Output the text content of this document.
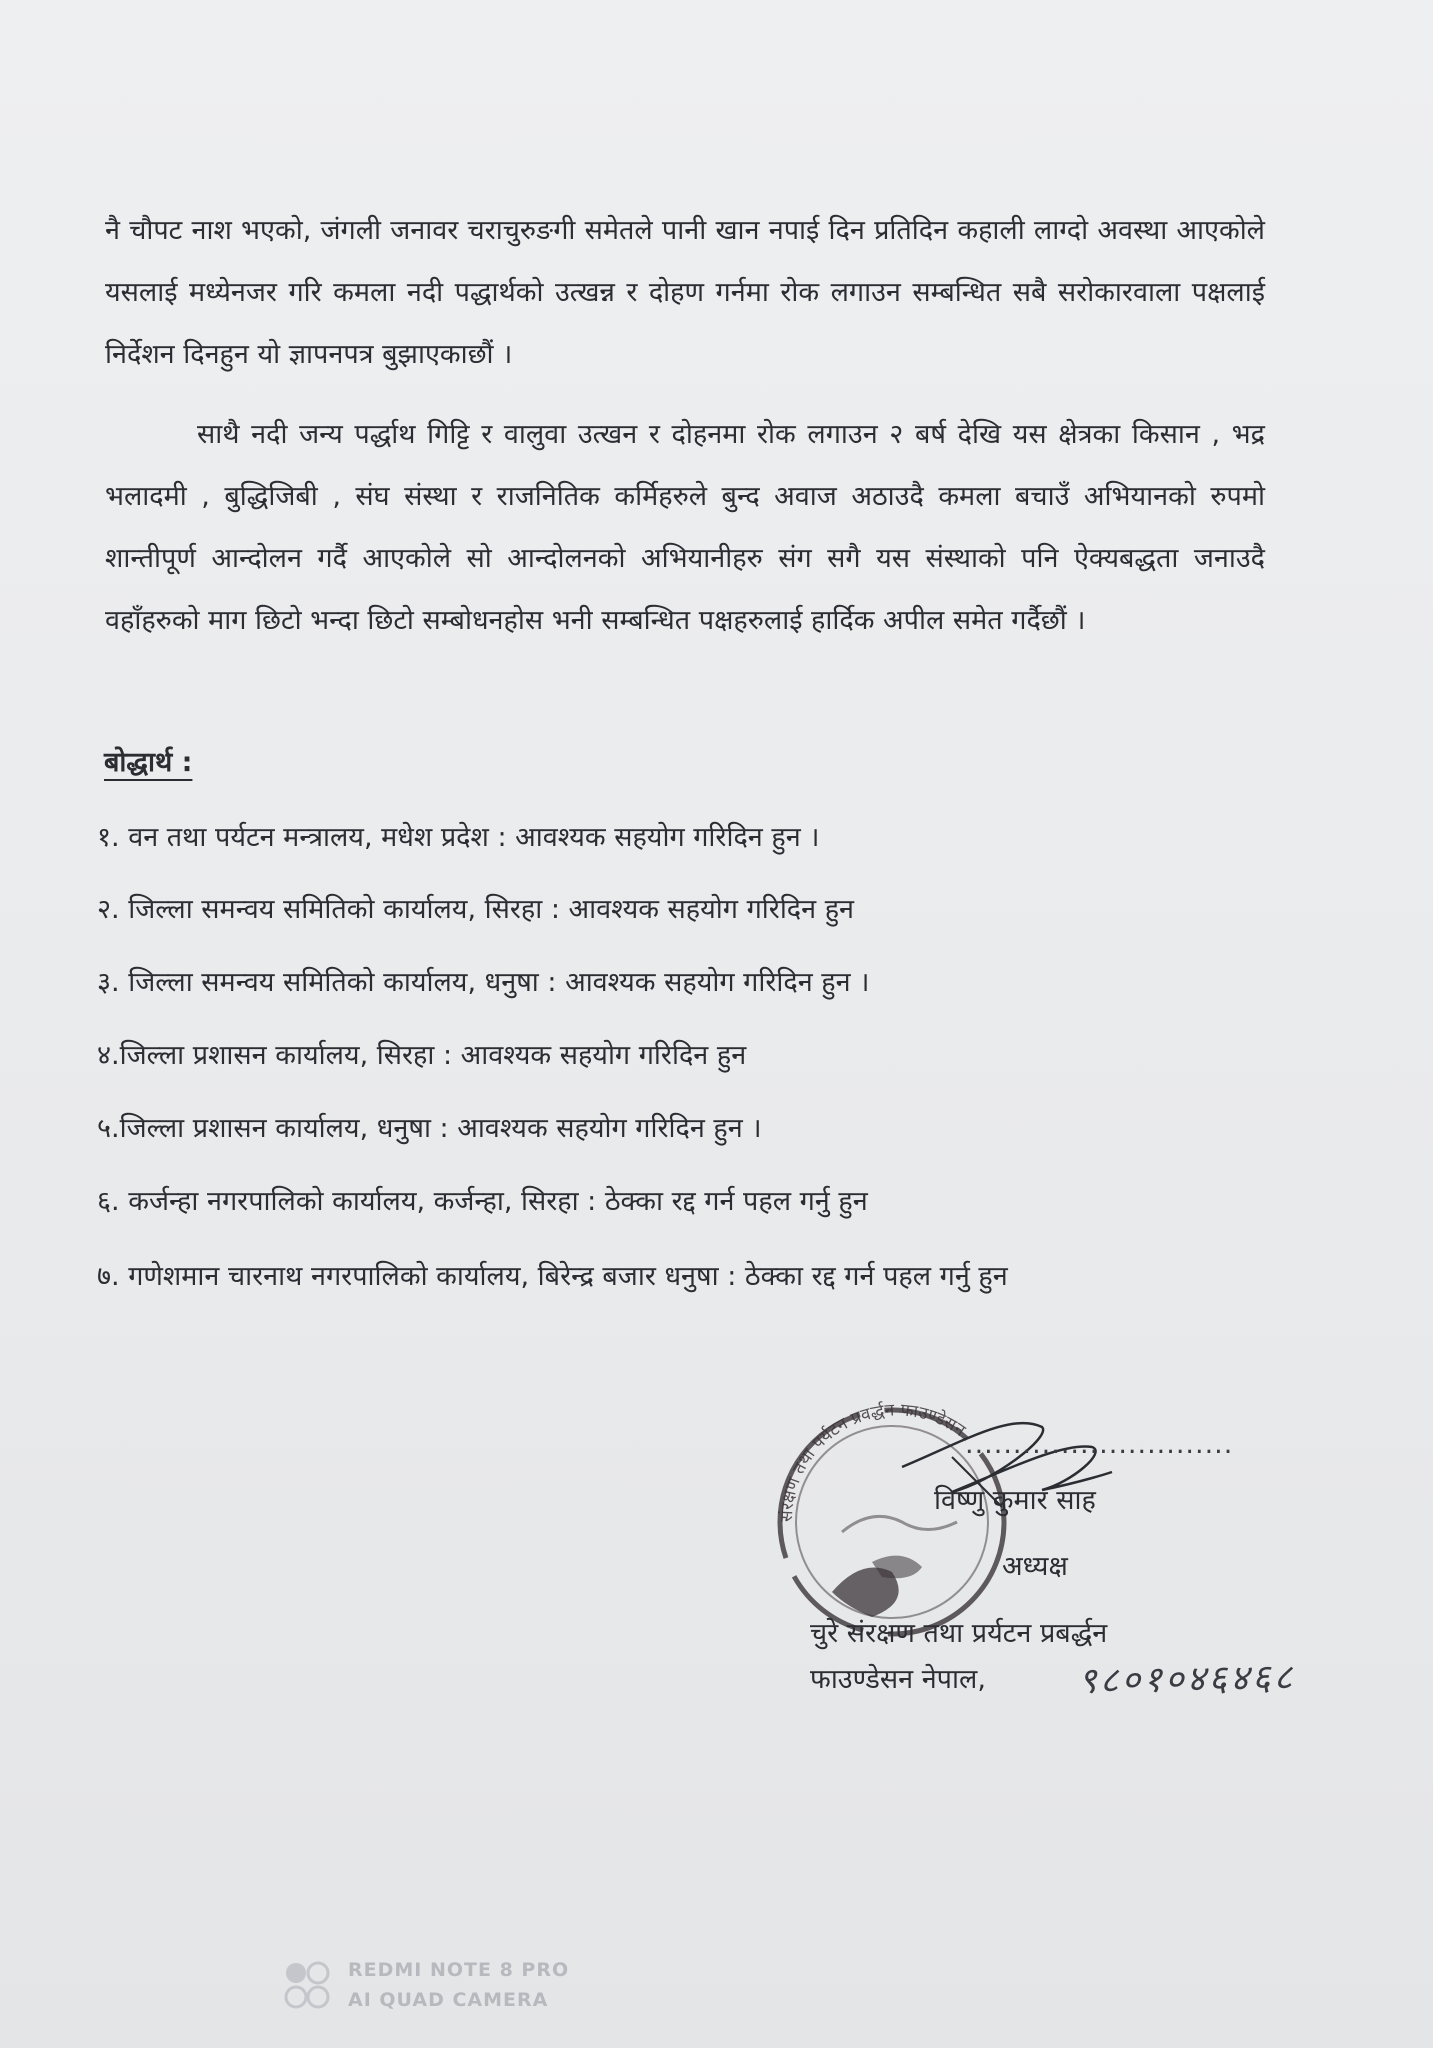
नै चौपट नाश भएको, जंगली जनावर चराचुरुङगी समेतले पानी खान नपाई दिन प्रतिदिन कहाली लाग्दो अवस्था आएकोले यसलाई मध्येनजर गरि कमला नदी पद्धार्थको उत्खन्न र दोहण गर्नमा रोक लगाउन सम्बन्धित सबै सरोकारवाला पक्षलाई निर्देशन दिनहुन यो ज्ञापनपत्र बुझाएकाछौं ।

साथै नदी जन्य पर्द्धाथ गिट्टि र वालुवा उत्खन र दोहनमा रोक लगाउन २ बर्ष देखि यस क्षेत्रका किसान , भद्र भलादमी , बुद्धिजिबी , संघ संस्था र राजनितिक कर्मिहरुले बुन्द अवाज अठाउदै कमला बचाउँ अभियानको रुपमो शान्तीपूर्ण आन्दोलन गर्दै आएकोले सो आन्दोलनको अभियानीहरु संग सगै यस संस्थाको पनि ऐक्यबद्धता जनाउदै वहाँहरुको माग छिटो भन्दा छिटो सम्बोधनहोस भनी सम्बन्धित पक्षहरुलाई हार्दिक अपील समेत गर्दैछौं ।

बोद्धार्थ :
१. वन तथा पर्यटन मन्त्रालय, मधेश प्रदेश : आवश्यक सहयोग गरिदिन हुन ।
२. जिल्ला समन्वय समितिको कार्यालय, सिरहा : आवश्यक सहयोग गरिदिन हुन
३. जिल्ला समन्वय समितिको कार्यालय, धनुषा : आवश्यक सहयोग गरिदिन हुन ।
४.जिल्ला प्रशासन कार्यालय, सिरहा : आवश्यक सहयोग गरिदिन हुन
५.जिल्ला प्रशासन कार्यालय, धनुषा : आवश्यक सहयोग गरिदिन हुन ।
६. कर्जन्हा नगरपालिको कार्यालय, कर्जन्हा, सिरहा : ठेक्का रद्द गर्न पहल गर्नु हुन
७. गणेशमान चारनाथ नगरपालिको कार्यालय, बिरेन्द्र बजार धनुषा : ठेक्का रद्द गर्न पहल गर्नु हुन
संरक्षण तथा पर्यटन प्रवर्द्धन फाउण्डेसन
............................
विष्णु कुमार साह
अध्यक्ष
चुरे संरक्षण तथा प्रर्यटन प्रबर्द्धन
फाउण्डेसन नेपाल,	९८०१०४६४६८
REDMI NOTE 8 PRO
AI QUAD CAMERA
